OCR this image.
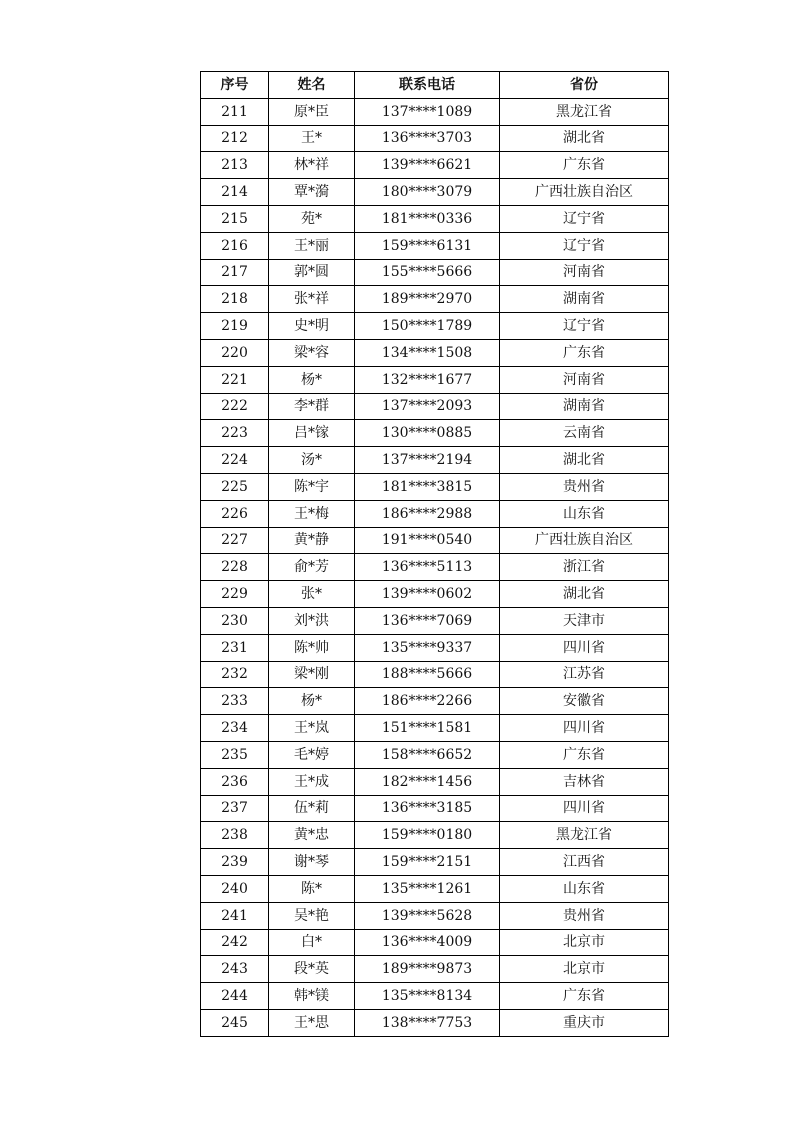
序号	姓名	联系电话	省份
211	原*臣	137****1089	黑龙江省
212	王*	136****3703	湖北省
213	林*祥	139****6621	广东省
214	覃*漪	180****3079	广西壮族自治区
215	苑*	181****0336	辽宁省
216	王*丽	159****6131	辽宁省
217	郭*圆	155****5666	河南省
218	张*祥	189****2970	湖南省
219	史*明	150****1789	辽宁省
220	梁*容	134****1508	广东省
221	杨*	132****1677	河南省
222	李*群	137****2093	湖南省
223	吕*镓	130****0885	云南省
224	汤*	137****2194	湖北省
225	陈*宇	181****3815	贵州省
226	王*梅	186****2988	山东省
227	黄*静	191****0540	广西壮族自治区
228	俞*芳	136****5113	浙江省
229	张*	139****0602	湖北省
230	刘*洪	136****7069	天津市
231	陈*帅	135****9337	四川省
232	梁*刚	188****5666	江苏省
233	杨*	186****2266	安徽省
234	王*岚	151****1581	四川省
235	毛*婷	158****6652	广东省
236	王*成	182****1456	吉林省
237	伍*莉	136****3185	四川省
238	黄*忠	159****0180	黑龙江省
239	谢*琴	159****2151	江西省
240	陈*	135****1261	山东省
241	吴*艳	139****5628	贵州省
242	白*	136****4009	北京市
243	段*英	189****9873	北京市
244	韩*镁	135****8134	广东省
245	王*思	138****7753	重庆市
